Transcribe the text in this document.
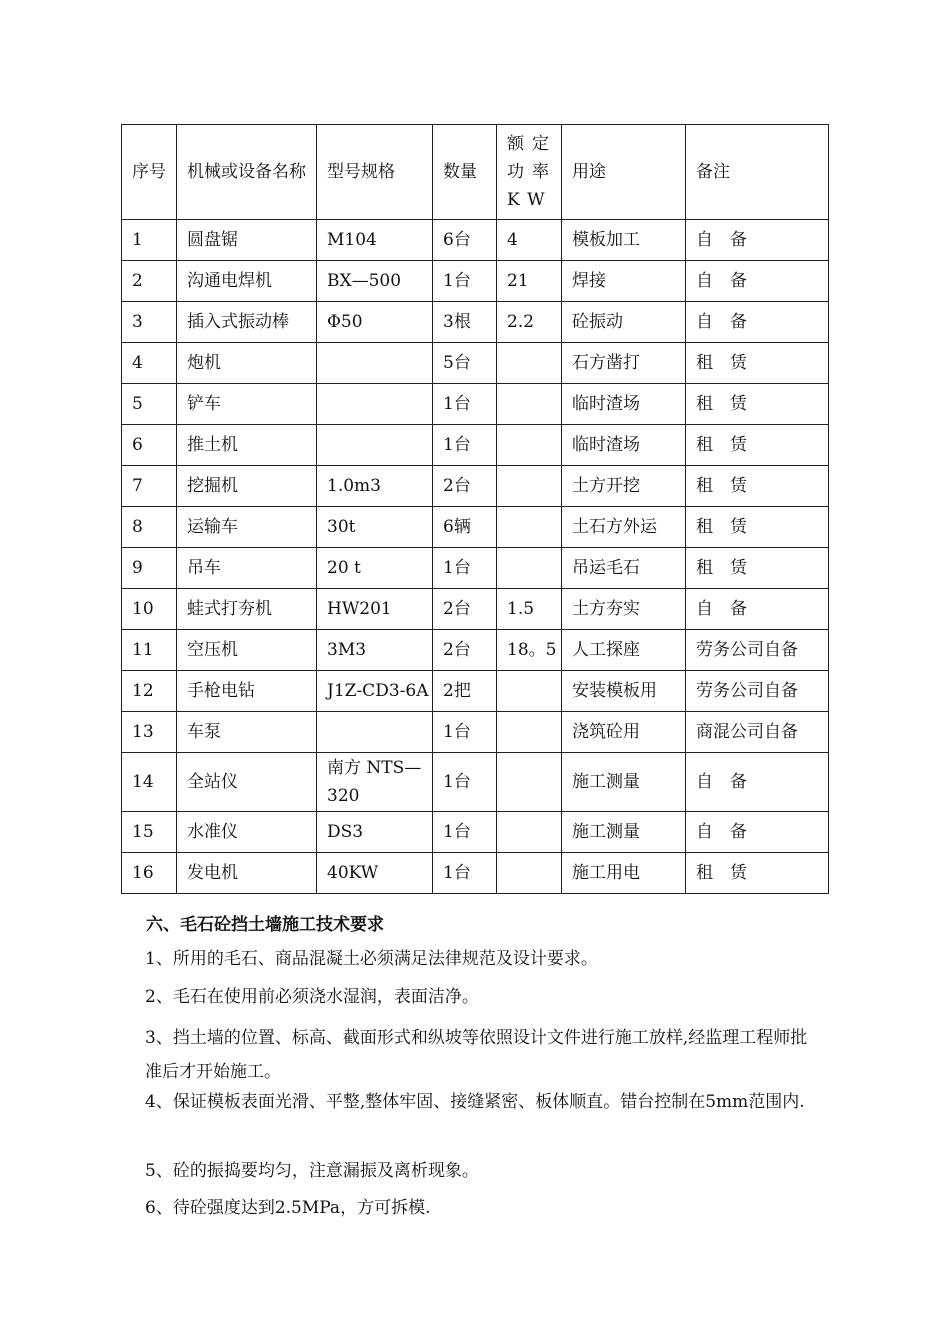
序号	机械或设备名称	型号规格	数量	额定功率KW	用途	备注
1	圆盘锯	M104	6台	4	模板加工	自　备
2	沟通电焊机	BX—500	1台	21	焊接	自　备
3	插入式振动棒	Φ50	3根	2.2	砼振动	自　备
4	炮机		5台		石方凿打	租　赁
5	铲车		1台		临时渣场	租　赁
6	推土机		1台		临时渣场	租　赁
7	挖掘机	1.0m3	2台		土方开挖	租　赁
8	运输车	30t	6辆		土石方外运	租　赁
9	吊车	20 t	1台		吊运毛石	租　赁
10	蛙式打夯机	HW201	2台	1.5	土方夯实	自　备
11	空压机	3M3	2台	18。5	人工探座	劳务公司自备
12	手枪电钻	J1Z-CD3-6A	2把		安装模板用	劳务公司自备
13	车泵		1台		浇筑砼用	商混公司自备
14	全站仪	南方 NTS—320	1台		施工测量	自　备
15	水准仪	DS3	1台		施工测量	自　备
16	发电机	40KW	1台		施工用电	租　赁
六、毛石砼挡土墙施工技术要求
1、所用的毛石、商品混凝土必须满足法律规范及设计要求。
2、毛石在使用前必须浇水湿润，表面洁净。
3、挡土墙的位置、标高、截面形式和纵坡等依照设计文件进行施工放样,经监理工程师批准后才开始施工。
4、保证模板表面光滑、平整,整体牢固、接缝紧密、板体顺直。错台控制在5mm范围内.
5、砼的振捣要均匀，注意漏振及离析现象。
6、待砼强度达到2.5MPa，方可拆模.
